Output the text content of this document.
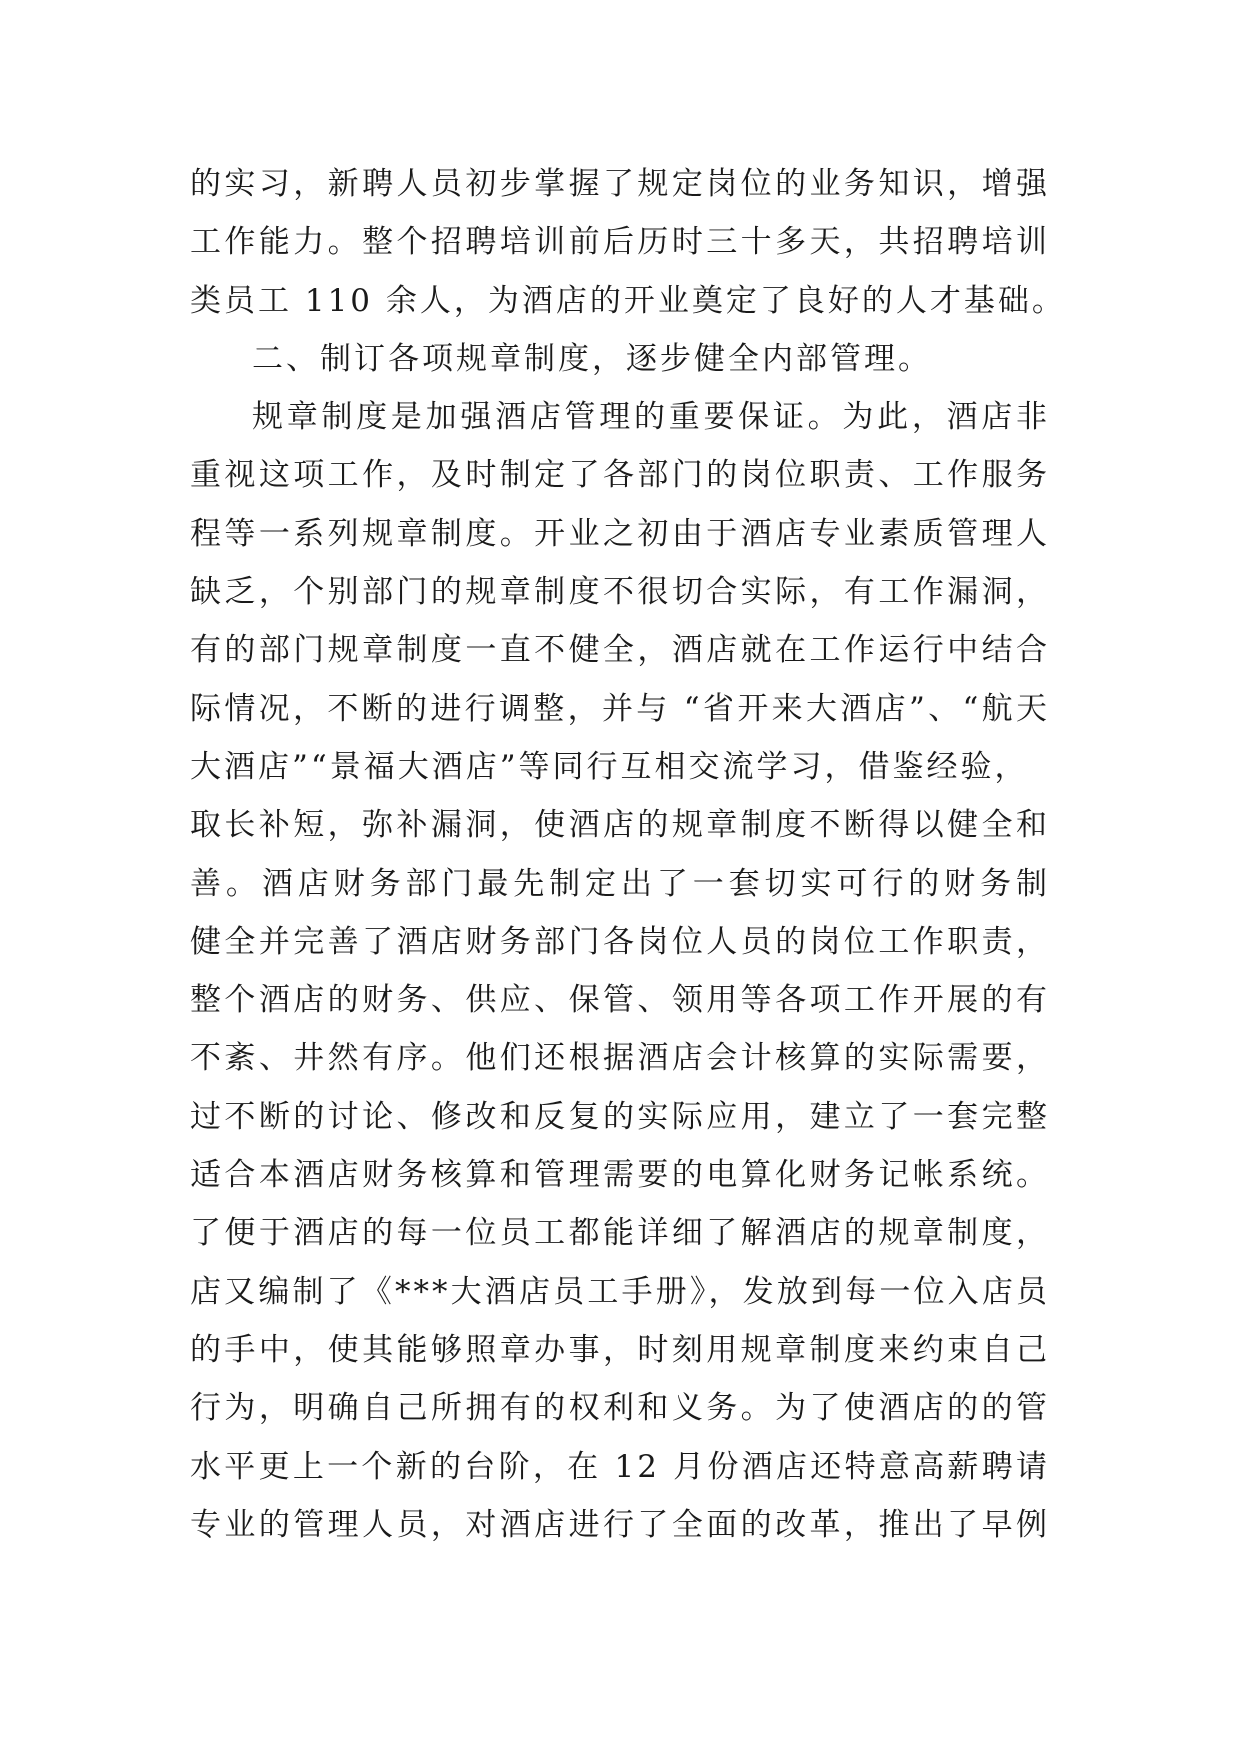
的实习，新聘人员初步掌握了规定岗位的业务知识，增强
工作能力。整个招聘培训前后历时三十多天，共招聘培训
类员工 110 余人，为酒店的开业奠定了良好的人才基础。
二、制订各项规章制度，逐步健全内部管理。
规章制度是加强酒店管理的重要保证。为此，酒店非
重视这项工作，及时制定了各部门的岗位职责、工作服务
程等一系列规章制度。开业之初由于酒店专业素质管理人
缺乏，个别部门的规章制度不很切合实际，有工作漏洞，
有的部门规章制度一直不健全，酒店就在工作运行中结合
际情况，不断的进行调整，并与 “省开来大酒店”、“航天
大酒店”“景福大酒店”等同行互相交流学习，借鉴经验，
取长补短，弥补漏洞，使酒店的规章制度不断得以健全和
善。酒店财务部门最先制定出了一套切实可行的财务制
健全并完善了酒店财务部门各岗位人员的岗位工作职责，
整个酒店的财务、供应、保管、领用等各项工作开展的有
不紊、井然有序。他们还根据酒店会计核算的实际需要，
过不断的讨论、修改和反复的实际应用，建立了一套完整
适合本酒店财务核算和管理需要的电算化财务记帐系统。
了便于酒店的每一位员工都能详细了解酒店的规章制度，
店又编制了《***大酒店员工手册》，发放到每一位入店员
的手中，使其能够照章办事，时刻用规章制度来约束自己
行为，明确自己所拥有的权利和义务。为了使酒店的的管
水平更上一个新的台阶，在 12 月份酒店还特意高薪聘请
专业的管理人员，对酒店进行了全面的改革，推出了早例
